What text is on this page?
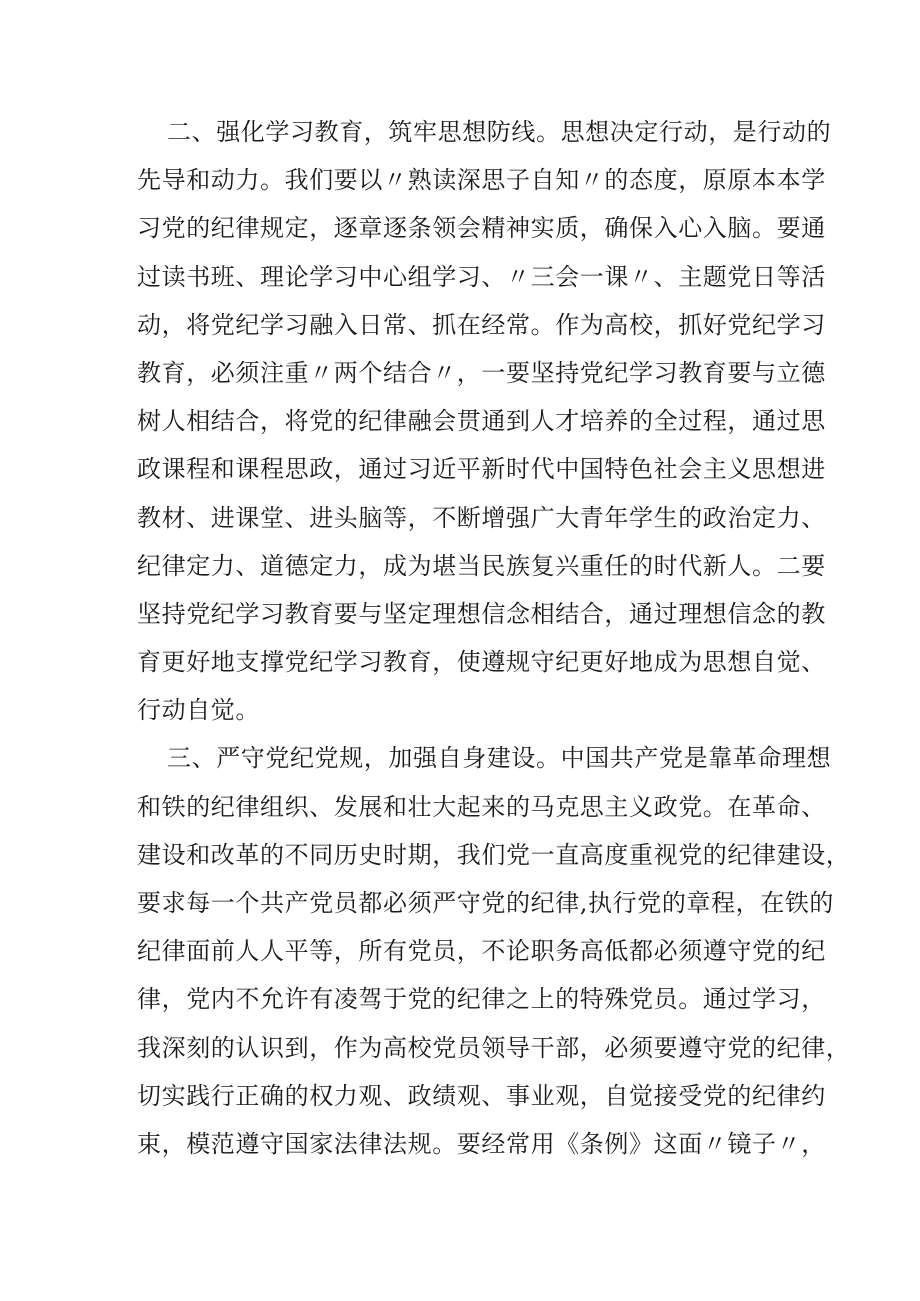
二、强化学习教育，筑牢思想防线。思想决定行动，是行动的
先导和动力。我们要以〃熟读深思子自知〃的态度，原原本本学
习党的纪律规定，逐章逐条领会精神实质，确保入心入脑。要通
过读书班、理论学习中心组学习、〃三会一课〃、主题党日等活
动，将党纪学习融入日常、抓在经常。作为高校，抓好党纪学习
教育，必须注重〃两个结合〃，一要坚持党纪学习教育要与立德
树人相结合，将党的纪律融会贯通到人才培养的全过程，通过思
政课程和课程思政，通过习近平新时代中国特色社会主义思想进
教材、进课堂、进头脑等，不断增强广大青年学生的政治定力、
纪律定力、道德定力，成为堪当民族复兴重任的时代新人。二要
坚持党纪学习教育要与坚定理想信念相结合，通过理想信念的教
育更好地支撑党纪学习教育，使遵规守纪更好地成为思想自觉、
行动自觉。
三、严守党纪党规，加强自身建设。中国共产党是靠革命理想
和铁的纪律组织、发展和壮大起来的马克思主义政党。在革命、
建设和改革的不同历史时期，我们党一直高度重视党的纪律建设，
要求每一个共产党员都必须严守党的纪律,执行党的章程，在铁的
纪律面前人人平等，所有党员，不论职务高低都必须遵守党的纪
律，党内不允许有凌驾于党的纪律之上的特殊党员。通过学习，
我深刻的认识到，作为高校党员领导干部，必须要遵守党的纪律，
切实践行正确的权力观、政绩观、事业观，自觉接受党的纪律约
束，模范遵守国家法律法规。要经常用《条例》这面〃镜子〃，
